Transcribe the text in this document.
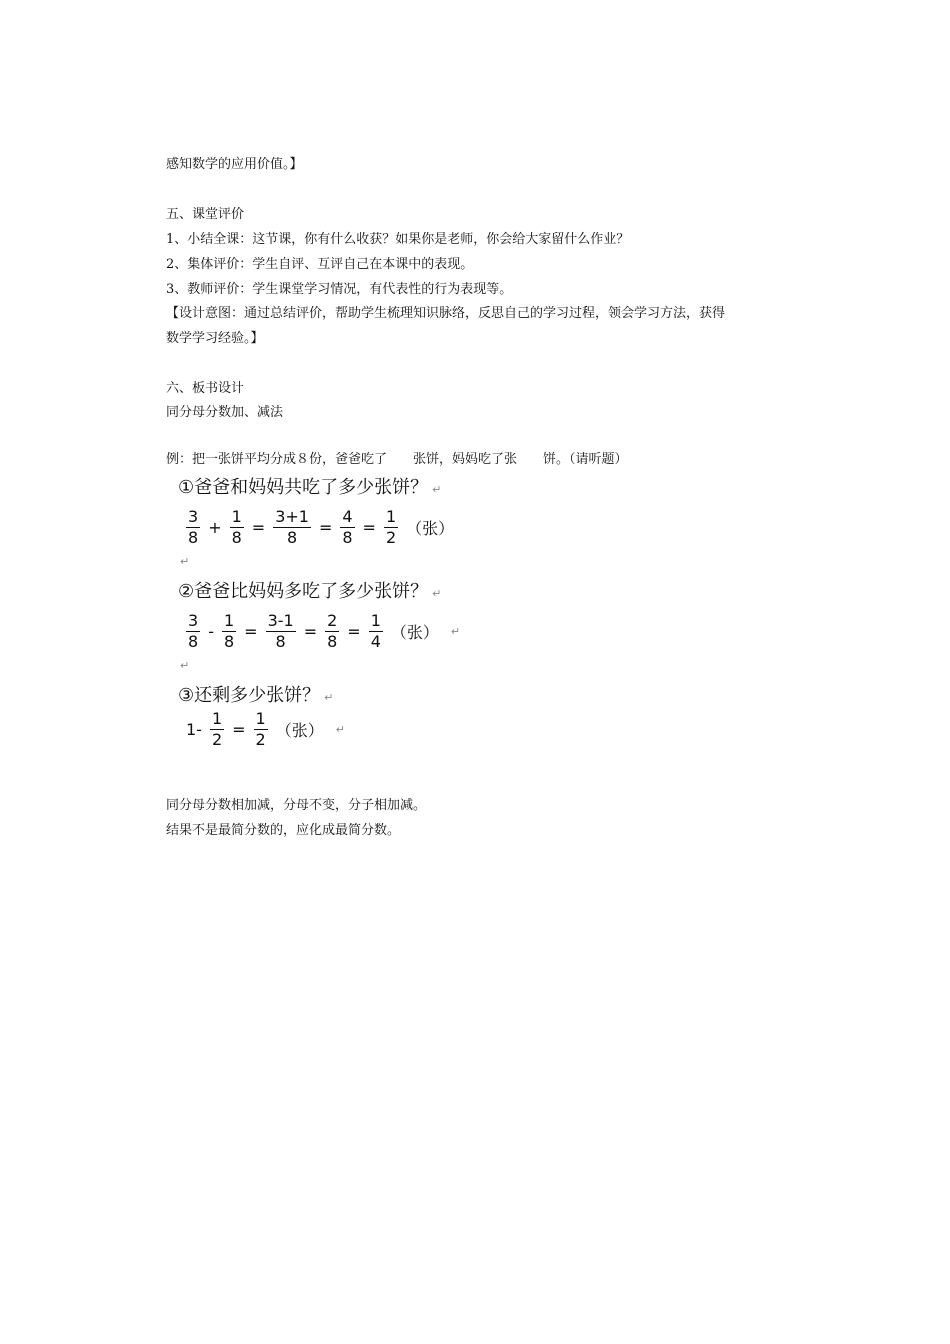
感知数学的应用价值。】
五、课堂评价
1、小结全课：这节课，你有什么收获？如果你是老师，你会给大家留什么作业？
2、集体评价：学生自评、互评自己在本课中的表现。
3、教师评价：学生课堂学习情况，有代表性的行为表现等。
【设计意图：通过总结评价，帮助学生梳理知识脉络，反思自己的学习过程，领会学习方法，获得
数学学习经验。】
六、板书设计
同分母分数加、减法
例：把一张饼平均分成８份，爸爸吃了　　张饼，妈妈吃了张　　饼。（请听题）
①爸爸和妈妈共吃了多少张饼？ ↵
$\frac{3}{8} + \frac{1}{8} = \frac{3+1}{8} = \frac{4}{8} = \frac{1}{2}$ （张）
↵
②爸爸比妈妈多吃了多少张饼？ ↵
$\frac{3}{8} - \frac{1}{8} = \frac{3-1}{8} = \frac{2}{8} = \frac{1}{4}$ （张） ↵
↵
③还剩多少张饼？ ↵
$1- \frac{1}{2} = \frac{1}{2}$ （张） ↵
同分母分数相加减，分母不变，分子相加减。
结果不是最简分数的，应化成最简分数。
